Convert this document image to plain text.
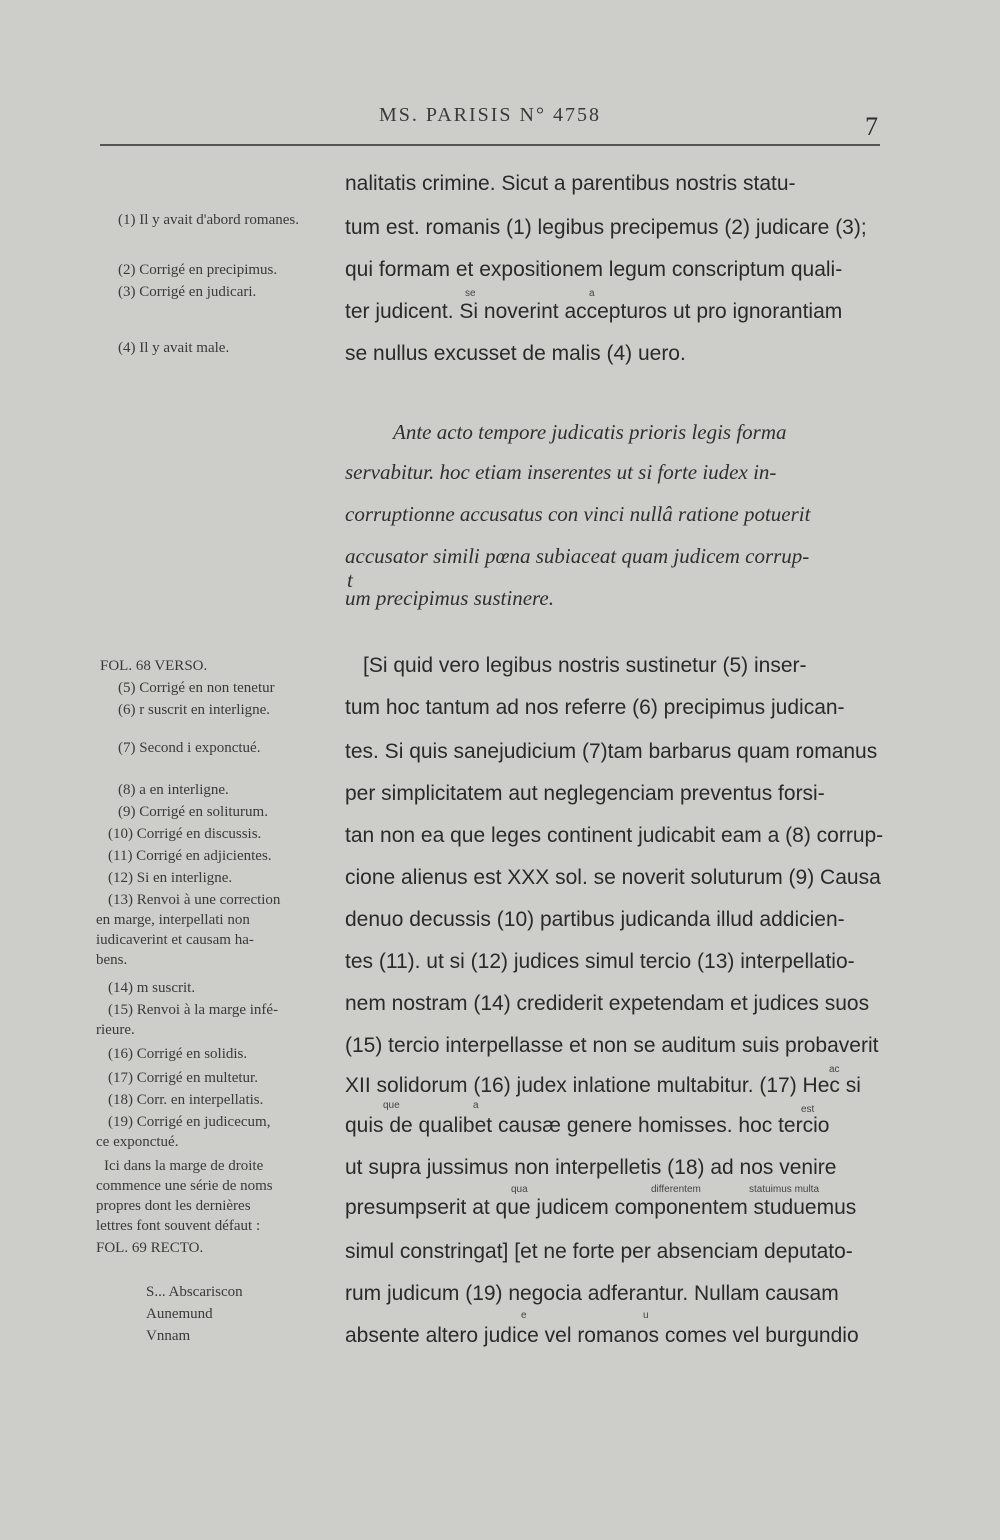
MS. PARISIS N° 4758	7
(1) Il y avait d'abord romanes.
(2) Corrigé en precipimus.
(3) Corrigé en judicari.
(4) Il y avait male.
nalitatis crimine. Sicut a parentibus nostris statu-
tum est. romanis (1) legibus precipemus (2) judicare (3);
qui formam et expositionem legum conscriptum quali-
se	a
ter judicent. Si noverint accepturos ut pro ignorantiam
se nullus excusset de malis (4) uero.
Ante acto tempore judicatis prioris legis forma
servabitur. hoc etiam inserentes ut si forte iudex in-
corruptionne accusatus con vinci nullâ ratione potuerit
accusator simili pœna subiaceat quam judicem corrup-
t
um precipimus sustinere.
FOL. 68 VERSO.
(5) Corrigé en non tenetur
(6) r suscrit en interligne.
(7) Second i exponctué.
(8) a en interligne.
(9) Corrigé en soliturum.
(10) Corrigé en discussis.
(11) Corrigé en adjicientes.
(12) Si en interligne.
(13) Renvoi à une correction
en marge, interpellati non
iudicaverint et causam ha-
bens.
(14) m suscrit.
(15) Renvoi à la marge infé-
rieure.
(16) Corrigé en solidis.
(17) Corrigé en multetur.
(18) Corr. en interpellatis.
(19) Corrigé en judicecum,
ce exponctué.
Ici dans la marge de droite
commence une série de noms
propres dont les dernières
lettres font souvent défaut :
FOL. 69 RECTO.
S... Abscariscon
Aunemund
Vnnam
[Si quid vero legibus nostris sustinetur (5) inser-
tum hoc tantum ad nos referre (6) precipimus judican-
tes. Si quis sanejudicium (7)tam barbarus quam romanus
per simplicitatem aut neglegenciam preventus forsi-
tan non ea que leges continent judicabit eam a (8) corrup-
cione alienus est XXX sol. se noverit soluturum (9) Causa
denuo decussis (10) partibus judicanda illud addicien-
tes (11). ut si (12) judices simul tercio (13) interpellatio-
nem nostram (14) crediderit expetendam et judices suos
(15) tercio interpellasse et non se auditum suis probaverit
ac
XII solidorum (16) judex inlatione multabitur. (17) Hec si
que	a	est
quis de qualibet causæ genere homisses. hoc tercio
ut supra jussimus non interpelletis (18) ad nos venire
qua	differentem	statuimus multa
presumpserit at que judicem componentem studuemus
simul constringat] [et ne forte per absenciam deputato-
rum judicum (19) negocia adferantur. Nullam causam
e	u
absente altero judice vel romanos comes vel burgundio
